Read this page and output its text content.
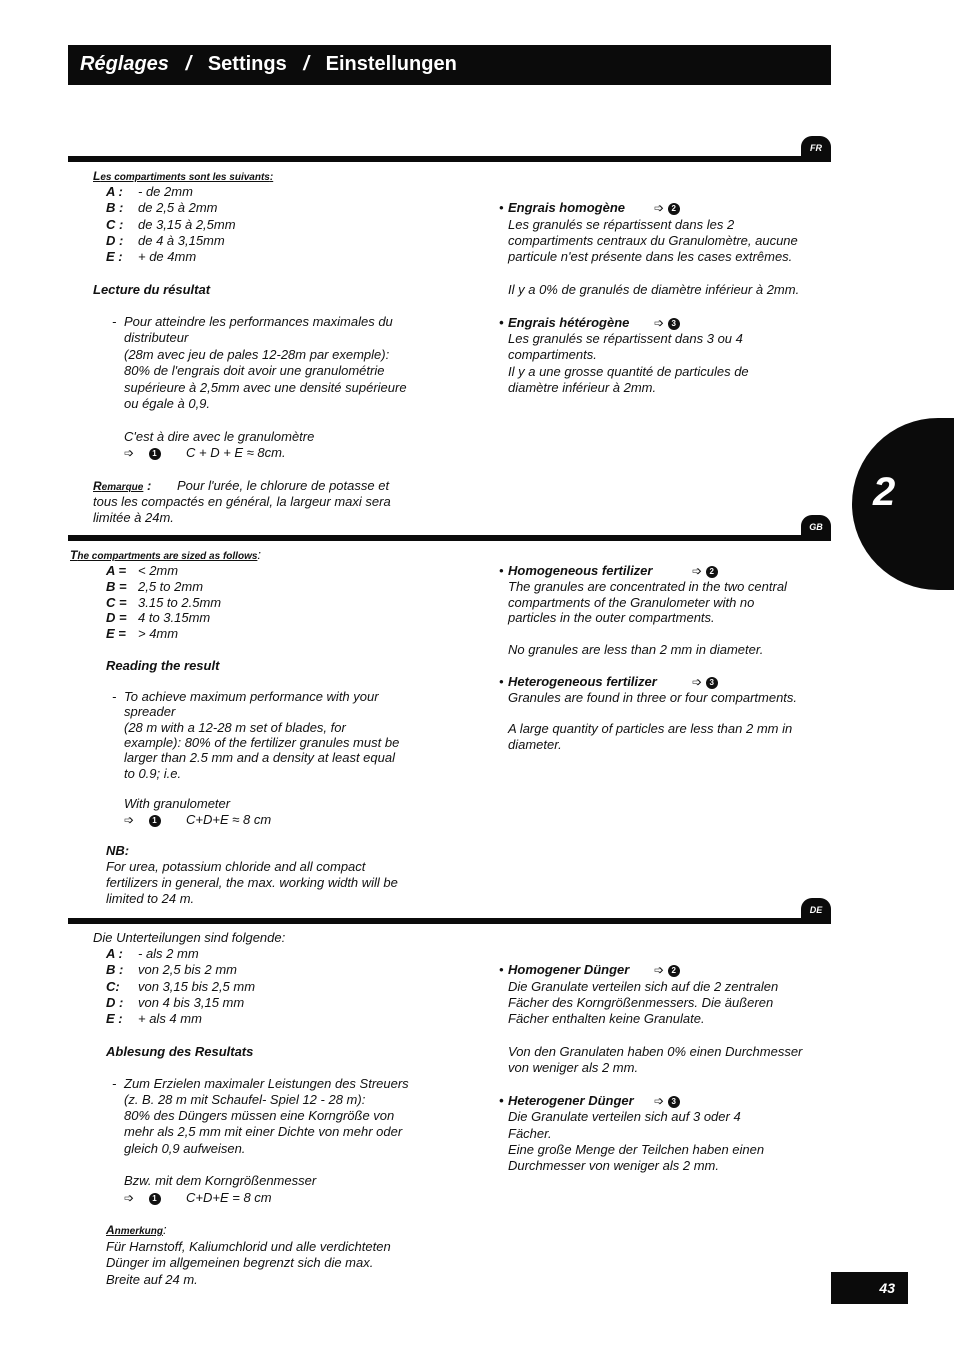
Réglages / Settings / Einstellungen
2
FR
Les compartiments sont les suivants:
A : - de 2mm
B : de 2,5 à 2mm
C : de 3,15 à 2,5mm
D : de 4 à 3,15mm
E : + de 4mm
Lecture du résultat
- Pour atteindre les performances maximales du
distributeur
(28m avec jeu de pales 12-28m par exemple):
80% de l'engrais doit avoir une granulométrie
supérieure à 2,5mm avec une densité supérieure
ou égale à 0,9.
C'est à dire avec le granulomètre
➩ 1 C + D + E ≈ 8cm.
Remarque : Pour l'urée, le chlorure de potasse et
tous les compactés en général, la largeur maxi sera
limitée à 24m.
• Engrais homogène ➩ 2
Les granulés se répartissent dans les 2
compartiments centraux du Granulomètre, aucune
particule n'est présente dans les cases extrêmes.
Il y a 0% de granulés de diamètre inférieur à 2mm.
• Engrais hétérogène ➩ 3
Les granulés se répartissent dans 3 ou 4
compartiments.
Il y a une grosse quantité de particules de
diamètre inférieur à 2mm.
GB
The compartments are sized as follows:
A = < 2mm
B = 2,5 to 2mm
C = 3.15 to 2.5mm
D = 4 to 3.15mm
E = > 4mm
Reading the result
- To achieve maximum performance with your
spreader
(28 m with a 12-28 m set of blades, for
example): 80% of the fertilizer granules must be
larger than 2.5 mm and a density at least equal
to 0.9; i.e.
With granulometer
➩ 1 C+D+E ≈ 8 cm
NB:
For urea, potassium chloride and all compact
fertilizers in general, the max. working width will be
limited to 24 m.
• Homogeneous fertilizer	➩ 2
The granules are concentrated in the two central
compartments of the Granulometer with no
particles in the outer compartments.
No granules are less than 2 mm in diameter.
• Heterogeneous fertilizer	➩ 3
Granules are found in three or four compartments.
A large quantity of particles are less than 2 mm in
diameter.
DE
Die Unterteilungen sind folgende:
A : - als 2 mm
B : von 2,5 bis 2 mm
C: von 3,15 bis 2,5 mm
D : von 4 bis 3,15 mm
E : + als 4 mm
Ablesung des Resultats
- Zum Erzielen maximaler Leistungen des Streuers
(z. B. 28 m mit Schaufel- Spiel 12 - 28 m):
80% des Düngers müssen eine Korngröße von
mehr als 2,5 mm mit einer Dichte von mehr oder
gleich 0,9 aufweisen.
Bzw. mit dem Korngrößenmesser
➩ 1 C+D+E = 8 cm
Anmerkung:
Für Harnstoff, Kaliumchlorid und alle verdichteten
Dünger im allgemeinen begrenzt sich die max.
Breite auf 24 m.
• Homogener Dünger ➩ 2
Die Granulate verteilen sich auf die 2 zentralen
Fächer des Korngrößenmessers. Die äußeren
Fächer enthalten keine Granulate.
Von den Granulaten haben 0% einen Durchmesser
von weniger als 2 mm.
• Heterogener Dünger ➩ 3
Die Granulate verteilen sich auf 3 oder 4
Fächer.
Eine große Menge der Teilchen haben einen
Durchmesser von weniger als 2 mm.
43
